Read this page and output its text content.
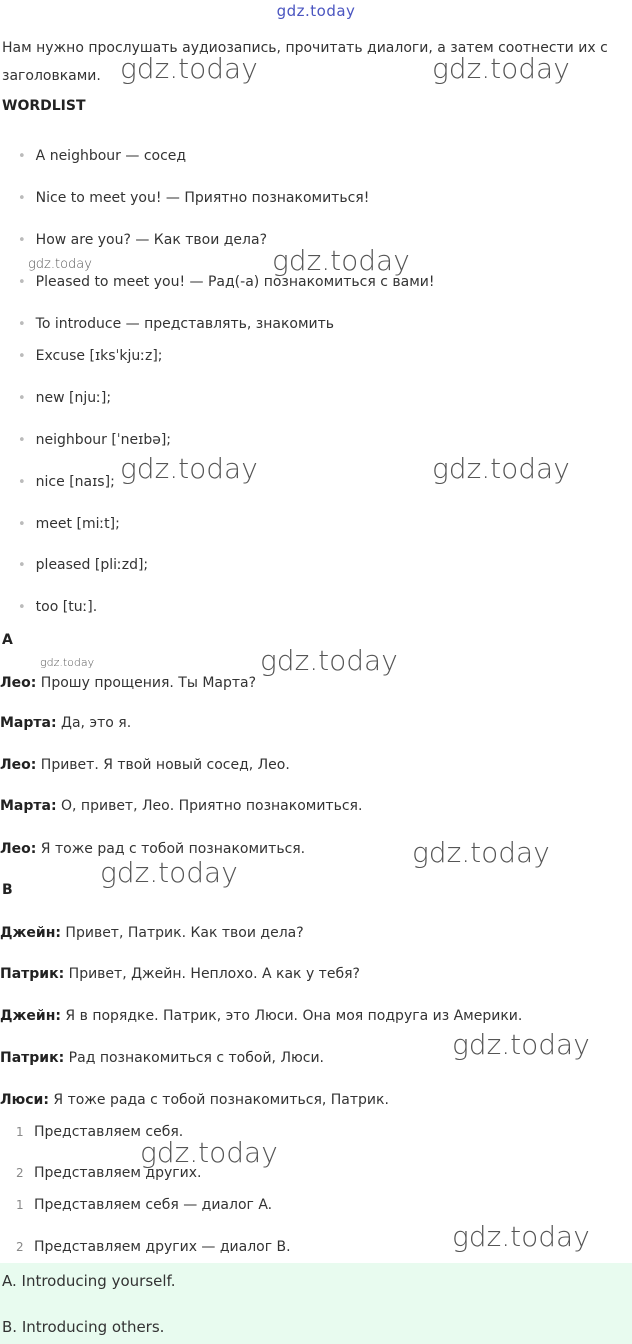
gdz.today
Нам нужно прослушать аудиозапись, прочитать диалоги, а затем соотнести их с заголовками.
WORDLIST
• A neighbour — сосед
• Nice to meet you! — Приятно познакомиться!
• How are you? — Как твои дела?
• Pleased to meet you! — Рад(-а) познакомиться с вами!
• To introduce — представлять, знакомить
• Excuse [ɪksˈkjuːz];
• new [njuː];
• neighbour [ˈneɪbə];
• nice [naɪs];
• meet [miːt];
• pleased [pliːzd];
• too [tuː].
A
Лео: Прошу прощения. Ты Марта?
Марта: Да, это я.
Лео: Привет. Я твой новый сосед, Лео.
Марта: О, привет, Лео. Приятно познакомиться.
Лео: Я тоже рад с тобой познакомиться.
B
Джейн: Привет, Патрик. Как твои дела?
Патрик: Привет, Джейн. Неплохо. А как у тебя?
Джейн: Я в порядке. Патрик, это Люси. Она моя подруга из Америки.
Патрик: Рад познакомиться с тобой, Люси.
Люси: Я тоже рада с тобой познакомиться, Патрик.
1 Представляем себя.
2 Представляем других.
1 Представляем себя — диалог A.
2 Представляем других — диалог B.
A. Introducing yourself.
B. Introducing others.
gdz.today	gdz.today
gdz.today
gdz.today
gdz.today	gdz.today
gdz.today
gdz.today
gdz.today
gdz.today
gdz.today
gdz.today
gdz.today
